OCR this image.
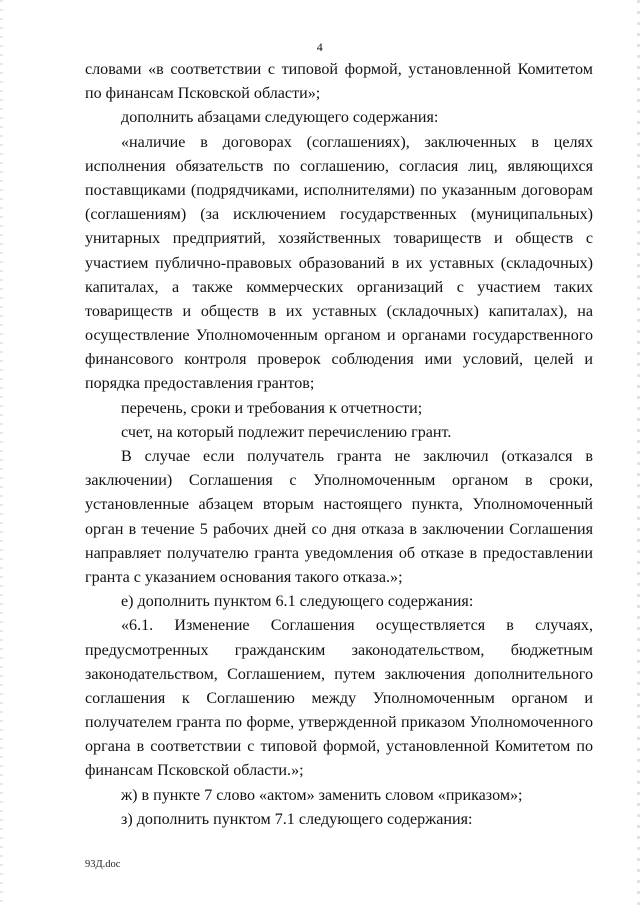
4
словами «в соответствии с типовой формой, установленной Комитетом
по финансам Псковской области»;
дополнить абзацами следующего содержания:
«наличие в договорах (соглашениях), заключенных в целях
исполнения обязательств по соглашению, согласия лиц, являющихся
поставщиками (подрядчиками, исполнителями) по указанным договорам
(соглашениям) (за исключением государственных (муниципальных)
унитарных предприятий, хозяйственных товариществ и обществ с
участием публично-правовых образований в их уставных (складочных)
капиталах, а также коммерческих организаций с участием таких
товариществ и обществ в их уставных (складочных) капиталах), на
осуществление Уполномоченным органом и органами государственного
финансового контроля проверок соблюдения ими условий, целей и
порядка предоставления грантов;
перечень, сроки и требования к отчетности;
счет, на который подлежит перечислению грант.
В случае если получатель гранта не заключил (отказался в
заключении) Соглашения с Уполномоченным органом в сроки,
установленные абзацем вторым настоящего пункта, Уполномоченный
орган в течение 5 рабочих дней со дня отказа в заключении Соглашения
направляет получателю гранта уведомления об отказе в предоставлении
гранта с указанием основания такого отказа.»;
е) дополнить пунктом 6.1 следующего содержания:
«6.1. Изменение Соглашения осуществляется в случаях,
предусмотренных гражданским законодательством, бюджетным
законодательством, Соглашением, путем заключения дополнительного
соглашения к Соглашению между Уполномоченным органом и
получателем гранта по форме, утвержденной приказом Уполномоченного
органа в соответствии с типовой формой, установленной Комитетом по
финансам Псковской области.»;
ж) в пункте 7 слово «актом» заменить словом «приказом»;
з) дополнить пунктом 7.1 следующего содержания:
93Д.doc
